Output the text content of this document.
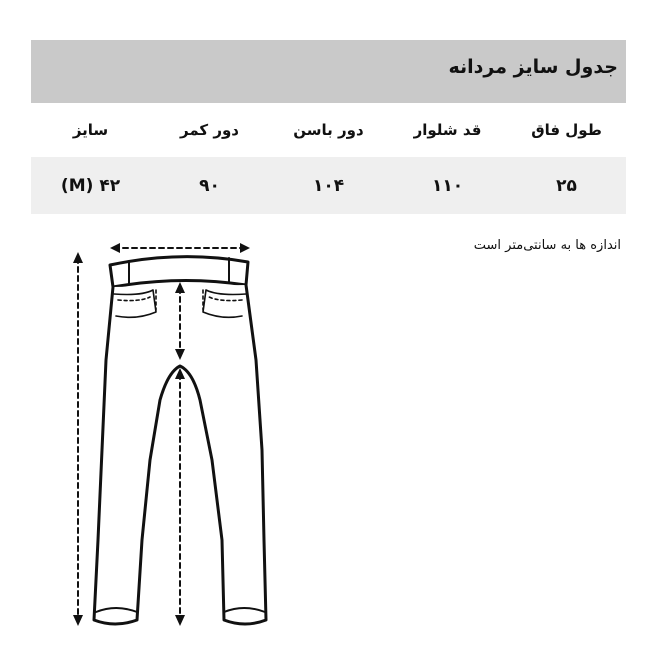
جدول سایز مردانه
طول فاق
قد شلوار
دور باسن
دور کمر
سایز
۲۵
۱۱۰
۱۰۴
۹۰
۴۲ (M)
اندازه ها به سانتی‌متر است
